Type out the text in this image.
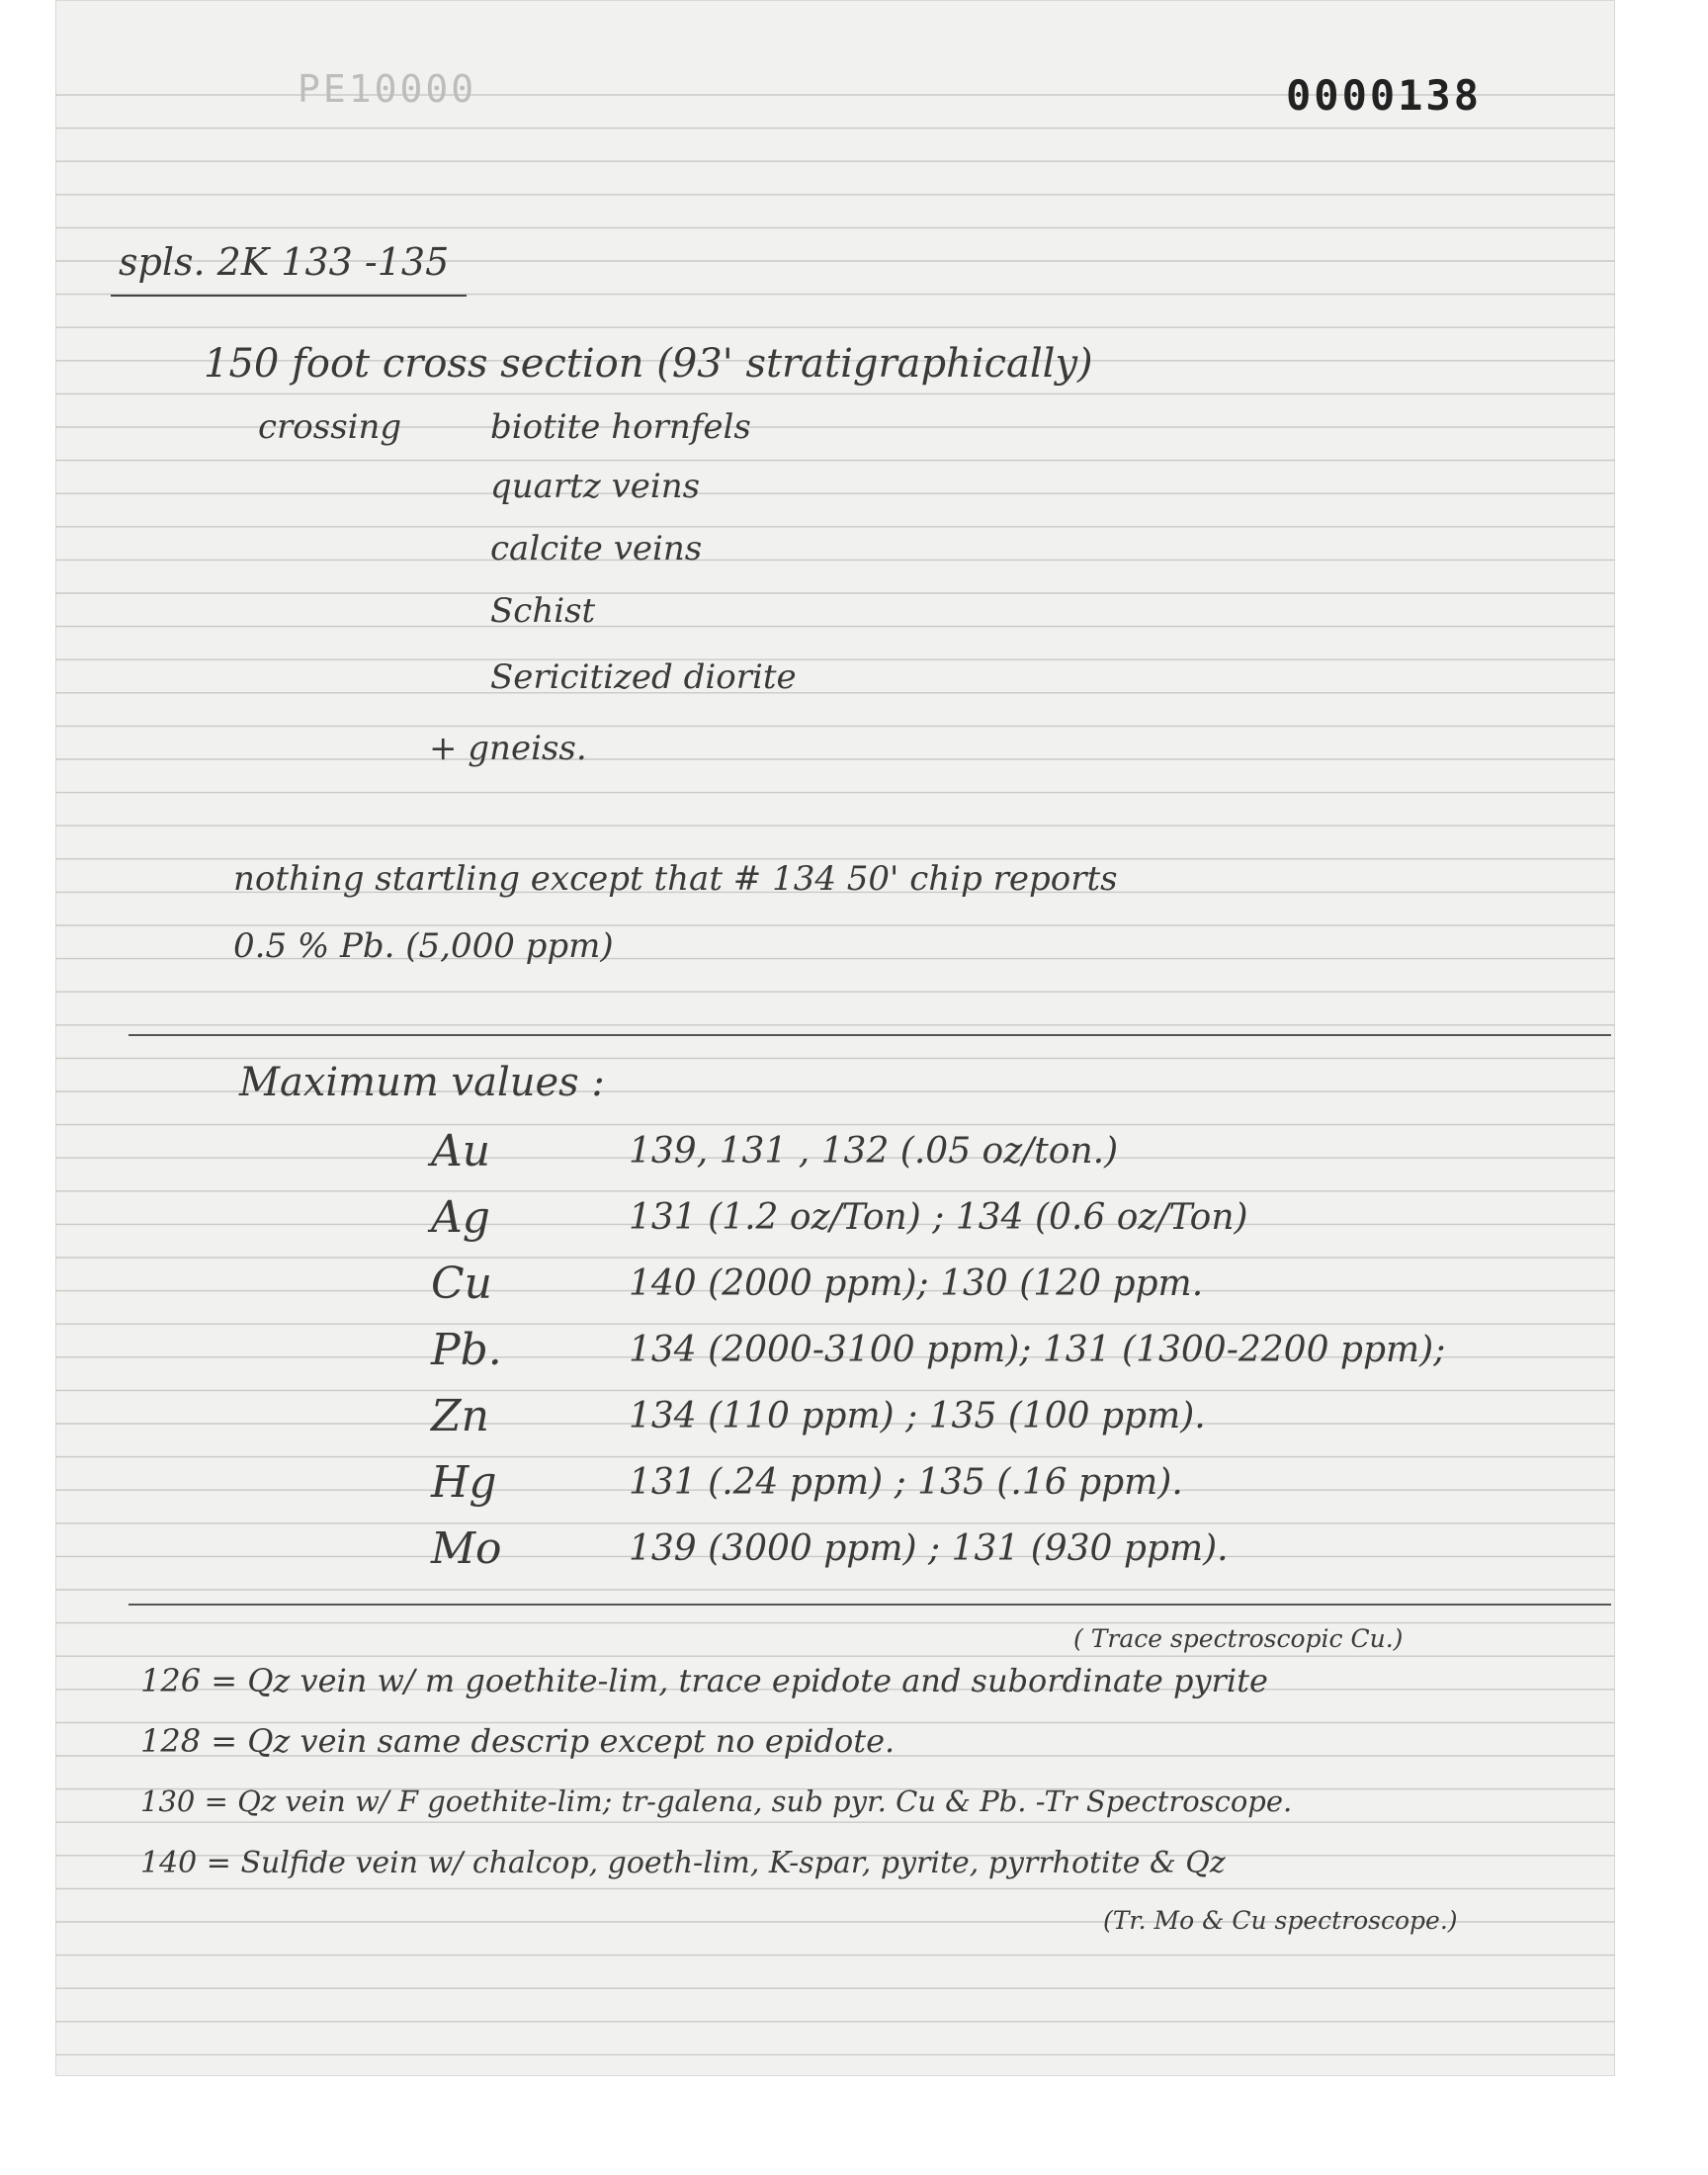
PE10000	0000138
spls. 2K 133 -135
150 foot cross section (93' stratigraphically)
crossing	biotite hornfels
quartz veins
calcite veins
Schist
Sericitized diorite
+ gneiss.
nothing startling except that # 134 50' chip reports
0.5 % Pb. (5,000 ppm)
Maximum values :
Au	139, 131 , 132 (.05 oz/ton.)
Ag	131 (1.2 oz/Ton) ; 134 (0.6 oz/Ton)
Cu	140 (2000 ppm); 130 (120 ppm.
Pb.	134 (2000-3100 ppm); 131 (1300-2200 ppm);
Zn	134 (110 ppm) ; 135 (100 ppm).
Hg	131 (.24 ppm) ; 135 (.16 ppm).
Mo	139 (3000 ppm) ; 131 (930 ppm).
( Trace spectroscopic Cu.)
126 = Qz vein w/ m goethite-lim, trace epidote and subordinate pyrite
128 = Qz vein same descrip except no epidote.
130 = Qz vein w/ F goethite-lim; tr-galena, sub pyr. Cu & Pb. -Tr Spectroscope.
140 = Sulfide vein w/ chalcop, goeth-lim, K-spar, pyrite, pyrrhotite & Qz
(Tr. Mo & Cu spectroscope.)
